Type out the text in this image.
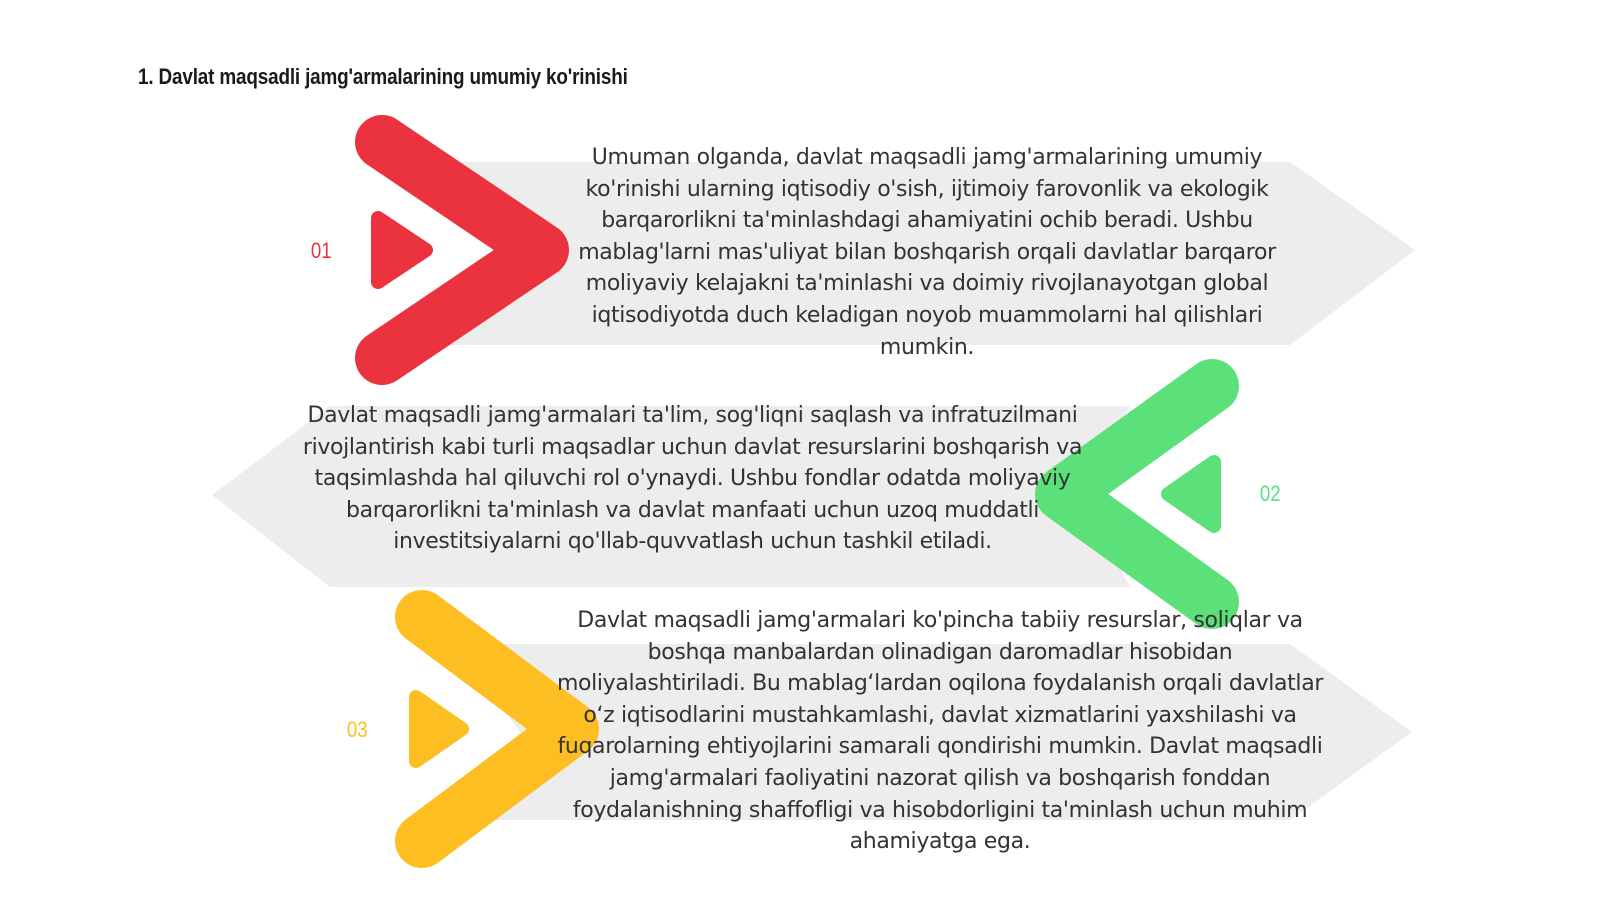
1. Davlat maqsadli jamg'armalarining umumiy ko'rinishi
01
02
03
Umuman olganda, davlat maqsadli jamg'armalarining umumiy ko'rinishi ularning iqtisodiy o'sish, ijtimoiy farovonlik va ekologik barqarorlikni ta'minlashdagi ahamiyatini ochib beradi. Ushbu mablag'larni mas'uliyat bilan boshqarish orqali davlatlar barqaror moliyaviy kelajakni ta'minlashi va doimiy rivojlanayotgan global iqtisodiyotda duch keladigan noyob muammolarni hal qilishlari mumkin.
Davlat maqsadli jamg'armalari ta'lim, sog'liqni saqlash va infratuzilmani rivojlantirish kabi turli maqsadlar uchun davlat resurslarini boshqarish va taqsimlashda hal qiluvchi rol o'ynaydi. Ushbu fondlar odatda moliyaviy barqarorlikni ta'minlash va davlat manfaati uchun uzoq muddatli investitsiyalarni qo'llab-quvvatlash uchun tashkil etiladi.
Davlat maqsadli jamg'armalari ko'pincha tabiiy resurslar, soliqlar va boshqa manbalardan olinadigan daromadlar hisobidan moliyalashtiriladi. Bu mablag‘lardan oqilona foydalanish orqali davlatlar o‘z iqtisodlarini mustahkamlashi, davlat xizmatlarini yaxshilashi va fuqarolarning ehtiyojlarini samarali qondirishi mumkin. Davlat maqsadli jamg'armalari faoliyatini nazorat qilish va boshqarish fonddan foydalanishning shaffofligi va hisobdorligini ta'minlash uchun muhim ahamiyatga ega.
